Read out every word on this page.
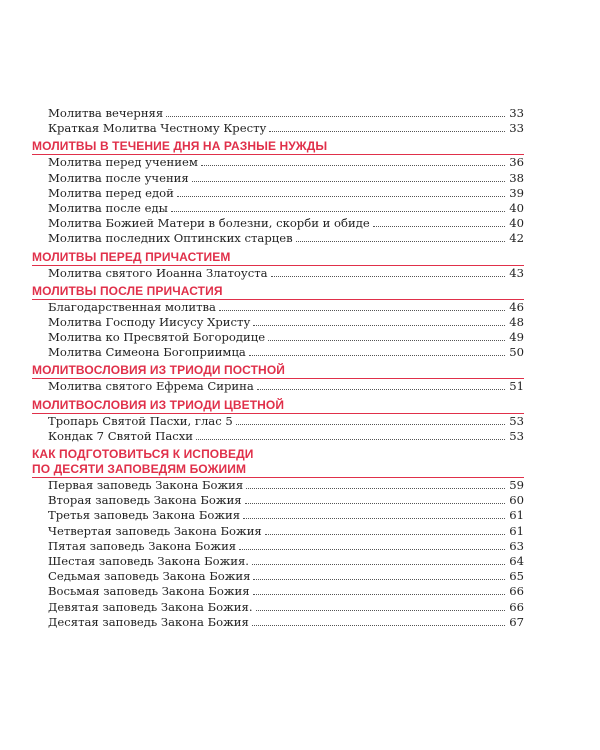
Молитва вечерняя	33
Краткая Молитва Честному Кресту	33
МОЛИТВЫ В ТЕЧЕНИЕ ДНЯ НА РАЗНЫЕ НУЖДЫ
Молитва перед учением	36
Молитва после учения	38
Молитва перед едой	39
Молитва после еды	40
Молитва Божией Матери в болезни, скорби и обиде	40
Молитва последних Оптинских старцев	42
МОЛИТВЫ ПЕРЕД ПРИЧАСТИЕМ
Молитва святого Иоанна Златоуста	43
МОЛИТВЫ ПОСЛЕ ПРИЧАСТИЯ
Благодарственная молитва	46
Молитва Господу Иисусу Христу	48
Молитва ко Пресвятой Богородице	49
Молитва Симеона Богоприимца	50
МОЛИТВОСЛОВИЯ ИЗ ТРИОДИ ПОСТНОЙ
Молитва святого Ефрема Сирина	51
МОЛИТВОСЛОВИЯ ИЗ ТРИОДИ ЦВЕТНОЙ
Тропарь Святой Пасхи, глас 5	53
Кондак 7 Святой Пасхи	53
КАК ПОДГОТОВИТЬСЯ К ИСПОВЕДИ
ПО ДЕСЯТИ ЗАПОВЕДЯМ БОЖИИМ
Первая заповедь Закона Божия	59
Вторая заповедь Закона Божия	60
Третья заповедь Закона Божия	61
Четвертая заповедь Закона Божия	61
Пятая заповедь Закона Божия	63
Шестая заповедь Закона Божия.	64
Седьмая заповедь Закона Божия	65
Восьмая заповедь Закона Божия	66
Девятая заповедь Закона Божия.	66
Десятая заповедь Закона Божия	67
